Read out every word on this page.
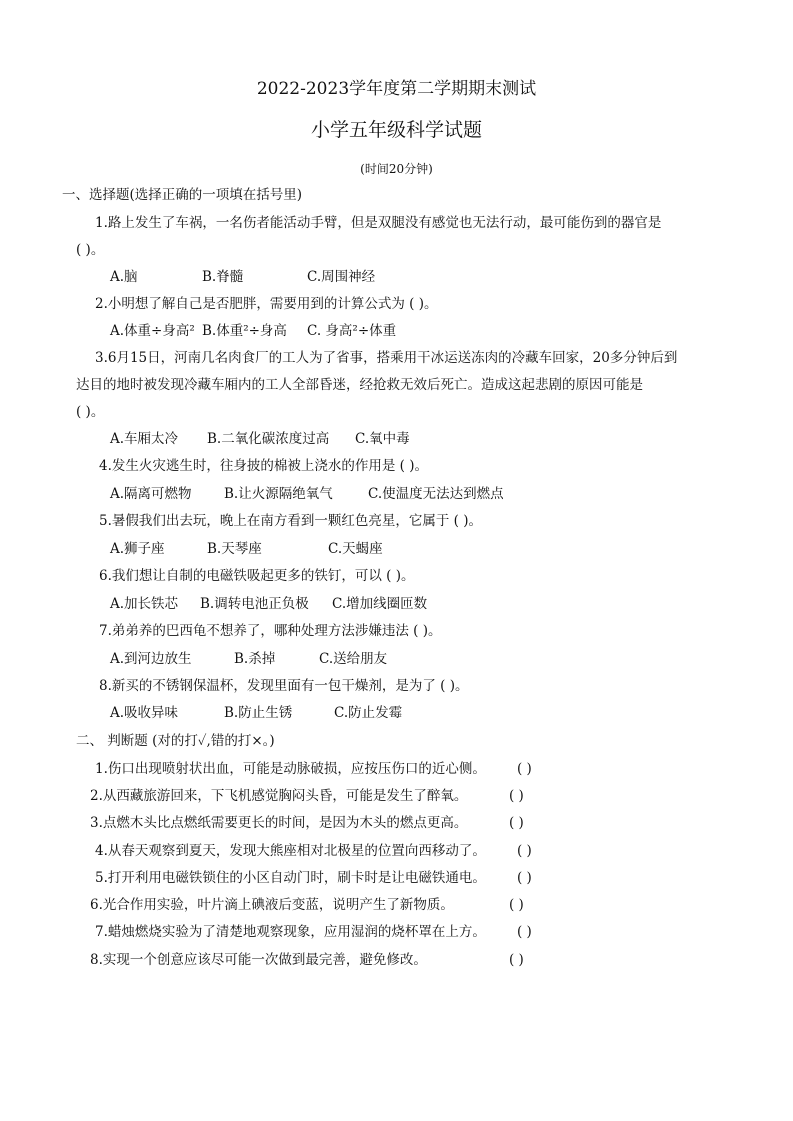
2022-2023学年度第二学期期末测试
小学五年级科学试题
(时间20分钟)
一、选择题(选择正确的一项填在括号里)
1.路上发生了车祸，一名伤者能活动手臂，但是双腿没有感觉也无法行动，最可能伤到的器官是
( )。
A.脑	B.脊髓	C.周围神经
2.小明想了解自己是否肥胖，需要用到的计算公式为 ( )。
A.体重÷身高² B.体重²÷身高 C. 身高²÷体重
3.6月15日，河南几名肉食厂的工人为了省事，搭乘用干冰运送冻肉的冷藏车回家，20多分钟后到
达目的地时被发现冷藏车厢内的工人全部昏迷，经抢救无效后死亡。造成这起悲剧的原因可能是
( )。
A.车厢太冷 B.二氧化碳浓度过高 C.氧中毒
4.发生火灾逃生时，往身披的棉被上浇水的作用是 ( )。
A.隔离可燃物 B.让火源隔绝氧气	C.使温度无法达到燃点
5.暑假我们出去玩，晚上在南方看到一颗红色亮星，它属于 ( )。
A.狮子座	B.天琴座	C.天蝎座
6.我们想让自制的电磁铁吸起更多的铁钉，可以 ( )。
A.加长铁芯 B.调转电池正负极 C.增加线圈匝数
7.弟弟养的巴西龟不想养了，哪种处理方法涉嫌违法 ( )。
A.到河边放生	B.杀掉	C.送给朋友
8.新买的不锈钢保温杯，发现里面有一包干燥剂，是为了 ( )。
A.吸收异味	B.防止生锈	C.防止发霉
二、 判断题 (对的打✓,错的打×。)
1.伤口出现喷射状出血，可能是动脉破损，应按压伤口的近心侧。 ( )
2.从西藏旅游回来，下飞机感觉胸闷头昏，可能是发生了醉氧。	( )
3.点燃木头比点燃纸需要更长的时间，是因为木头的燃点更高。	( )
4.从春天观察到夏天，发现大熊座相对北极星的位置向西移动了。 ( )
5.打开利用电磁铁锁住的小区自动门时，刷卡时是让电磁铁通电。 ( )
6.光合作用实验，叶片滴上碘液后变蓝，说明产生了新物质。	( )
7.蜡烛燃烧实验为了清楚地观察现象，应用湿润的烧杯罩在上方。 ( )
8.实现一个创意应该尽可能一次做到最完善，避免修改。	( )
